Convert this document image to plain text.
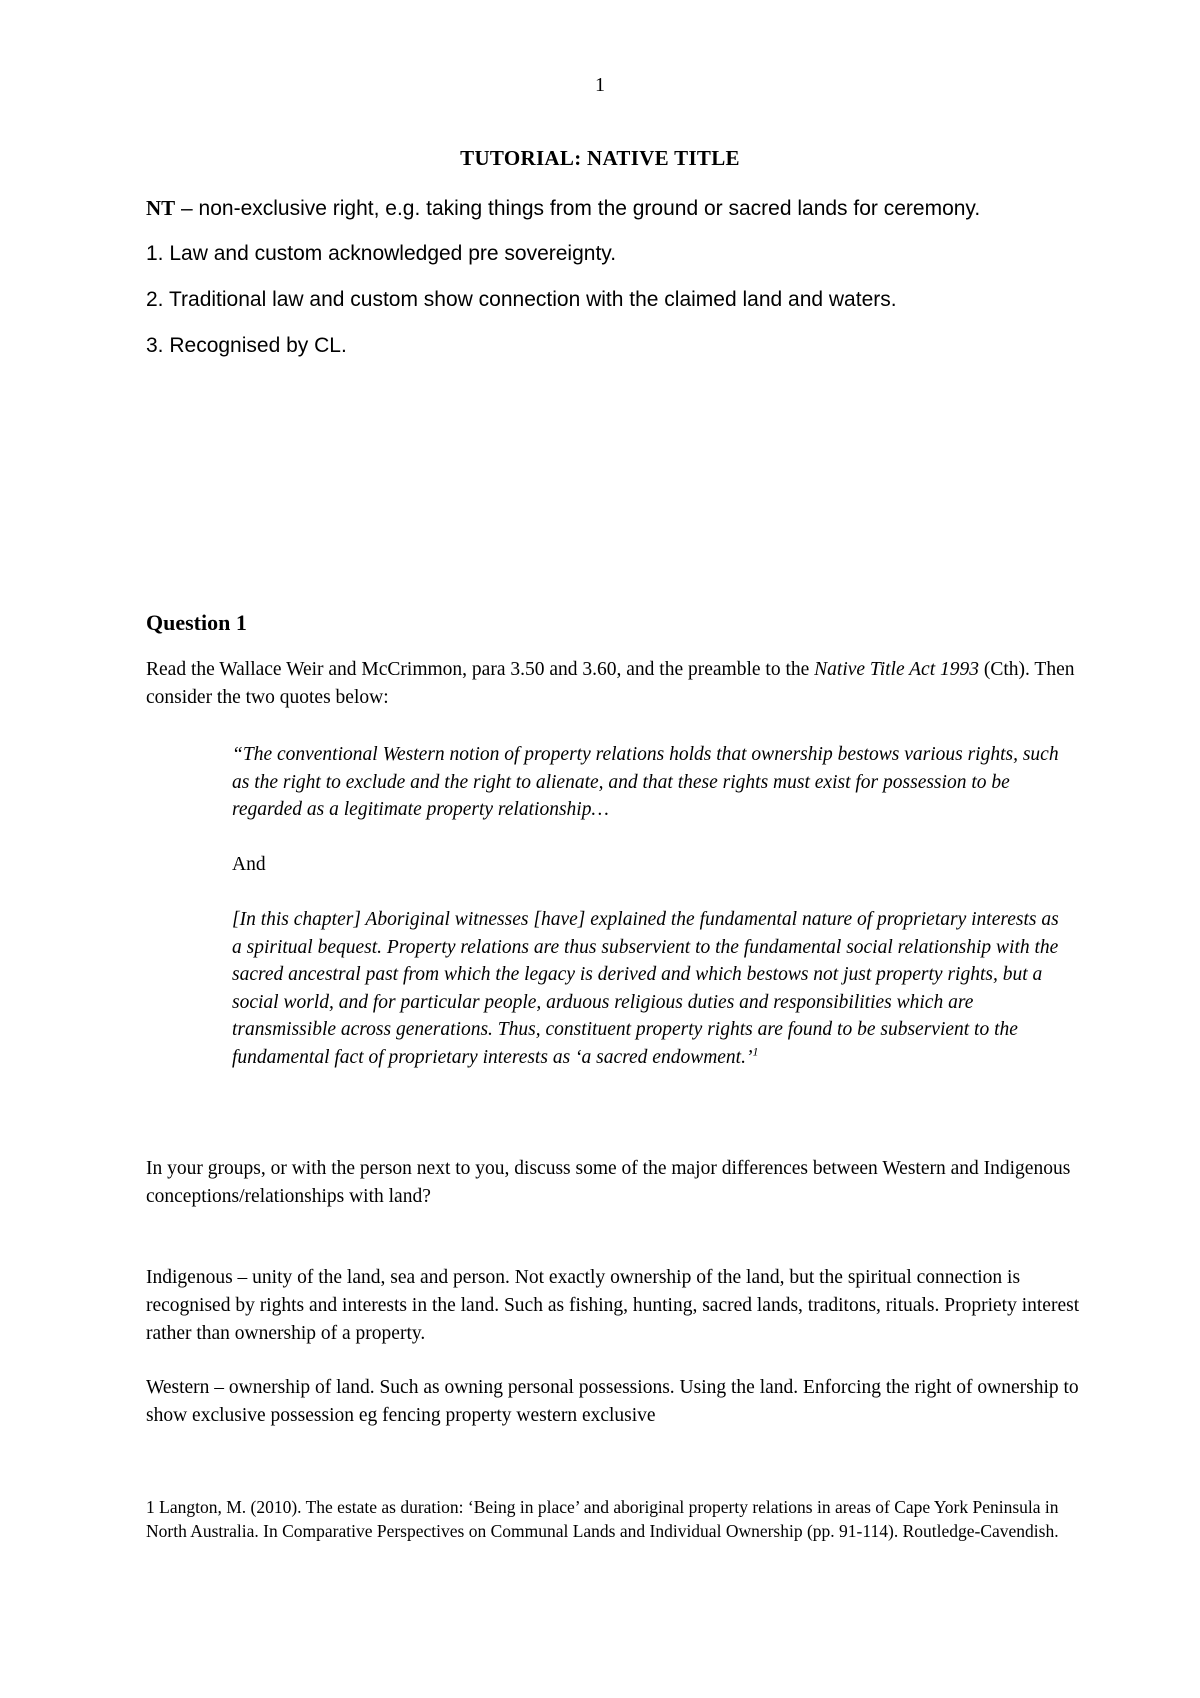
1
TUTORIAL: NATIVE TITLE
NT – non-exclusive right, e.g. taking things from the ground or sacred lands for ceremony.
1. Law and custom acknowledged pre sovereignty.
2. Traditional law and custom show connection with the claimed land and waters.
3. Recognised by CL.
Question 1
Read the Wallace Weir and McCrimmon, para 3.50 and 3.60, and the preamble to the Native Title Act 1993 (Cth). Then consider the two quotes below:
“The conventional Western notion of property relations holds that ownership bestows various rights, such as the right to exclude and the right to alienate, and that these rights must exist for possession to be regarded as a legitimate property relationship…
And
[In this chapter] Aboriginal witnesses [have] explained the fundamental nature of proprietary interests as a spiritual bequest. Property relations are thus subservient to the fundamental social relationship with the sacred ancestral past from which the legacy is derived and which bestows not just property rights, but a social world, and for particular people, arduous religious duties and responsibilities which are transmissible across generations. Thus, constituent property rights are found to be subservient to the fundamental fact of proprietary interests as ‘a sacred endowment.’$^1$
In your groups, or with the person next to you, discuss some of the major differences between Western and Indigenous conceptions/relationships with land?
Indigenous – unity of the land, sea and person. Not exactly ownership of the land, but the spiritual connection is recognised by rights and interests in the land. Such as fishing, hunting, sacred lands, traditons, rituals. Propriety interest rather than ownership of a property.
Western – ownership of land. Such as owning personal possessions. Using the land. Enforcing the right of ownership to show exclusive possession eg fencing property western exclusive
1 Langton, M. (2010). The estate as duration: ‘Being in place’ and aboriginal property relations in areas of Cape York Peninsula in North Australia. In Comparative Perspectives on Communal Lands and Individual Ownership (pp. 91-114). Routledge-Cavendish.
